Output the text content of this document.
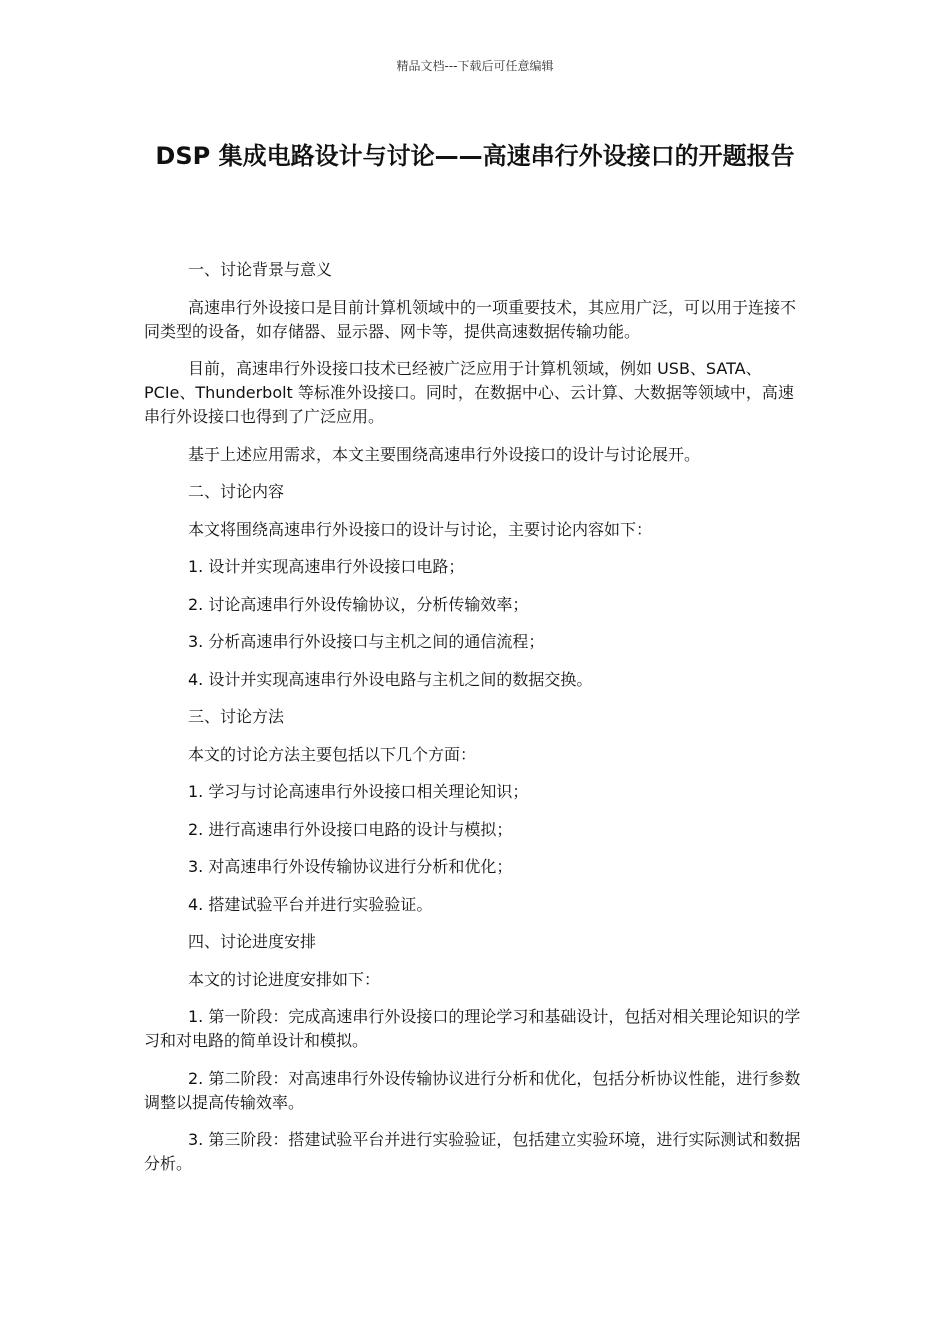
精品文档---下载后可任意编辑
DSP 集成电路设计与讨论——高速串行外设接口的开题报告

一、讨论背景与意义

高速串行外设接口是目前计算机领域中的一项重要技术，其应用广泛，可以用于连接不同类型的设备，如存储器、显示器、网卡等，提供高速数据传输功能。

目前，高速串行外设接口技术已经被广泛应用于计算机领域，例如 USB、SATA、PCIe、Thunderbolt 等标准外设接口。同时，在数据中心、云计算、大数据等领域中，高速串行外设接口也得到了广泛应用。

基于上述应用需求，本文主要围绕高速串行外设接口的设计与讨论展开。

二、讨论内容

本文将围绕高速串行外设接口的设计与讨论，主要讨论内容如下：

1. 设计并实现高速串行外设接口电路；

2. 讨论高速串行外设传输协议，分析传输效率；

3. 分析高速串行外设接口与主机之间的通信流程；

4. 设计并实现高速串行外设电路与主机之间的数据交换。

三、讨论方法

本文的讨论方法主要包括以下几个方面：

1. 学习与讨论高速串行外设接口相关理论知识；

2. 进行高速串行外设接口电路的设计与模拟；

3. 对高速串行外设传输协议进行分析和优化；

4. 搭建试验平台并进行实验验证。

四、讨论进度安排

本文的讨论进度安排如下：

1. 第一阶段：完成高速串行外设接口的理论学习和基础设计，包括对相关理论知识的学习和对电路的简单设计和模拟。

2. 第二阶段：对高速串行外设传输协议进行分析和优化，包括分析协议性能，进行参数调整以提高传输效率。

3. 第三阶段：搭建试验平台并进行实验验证，包括建立实验环境，进行实际测试和数据分析。
